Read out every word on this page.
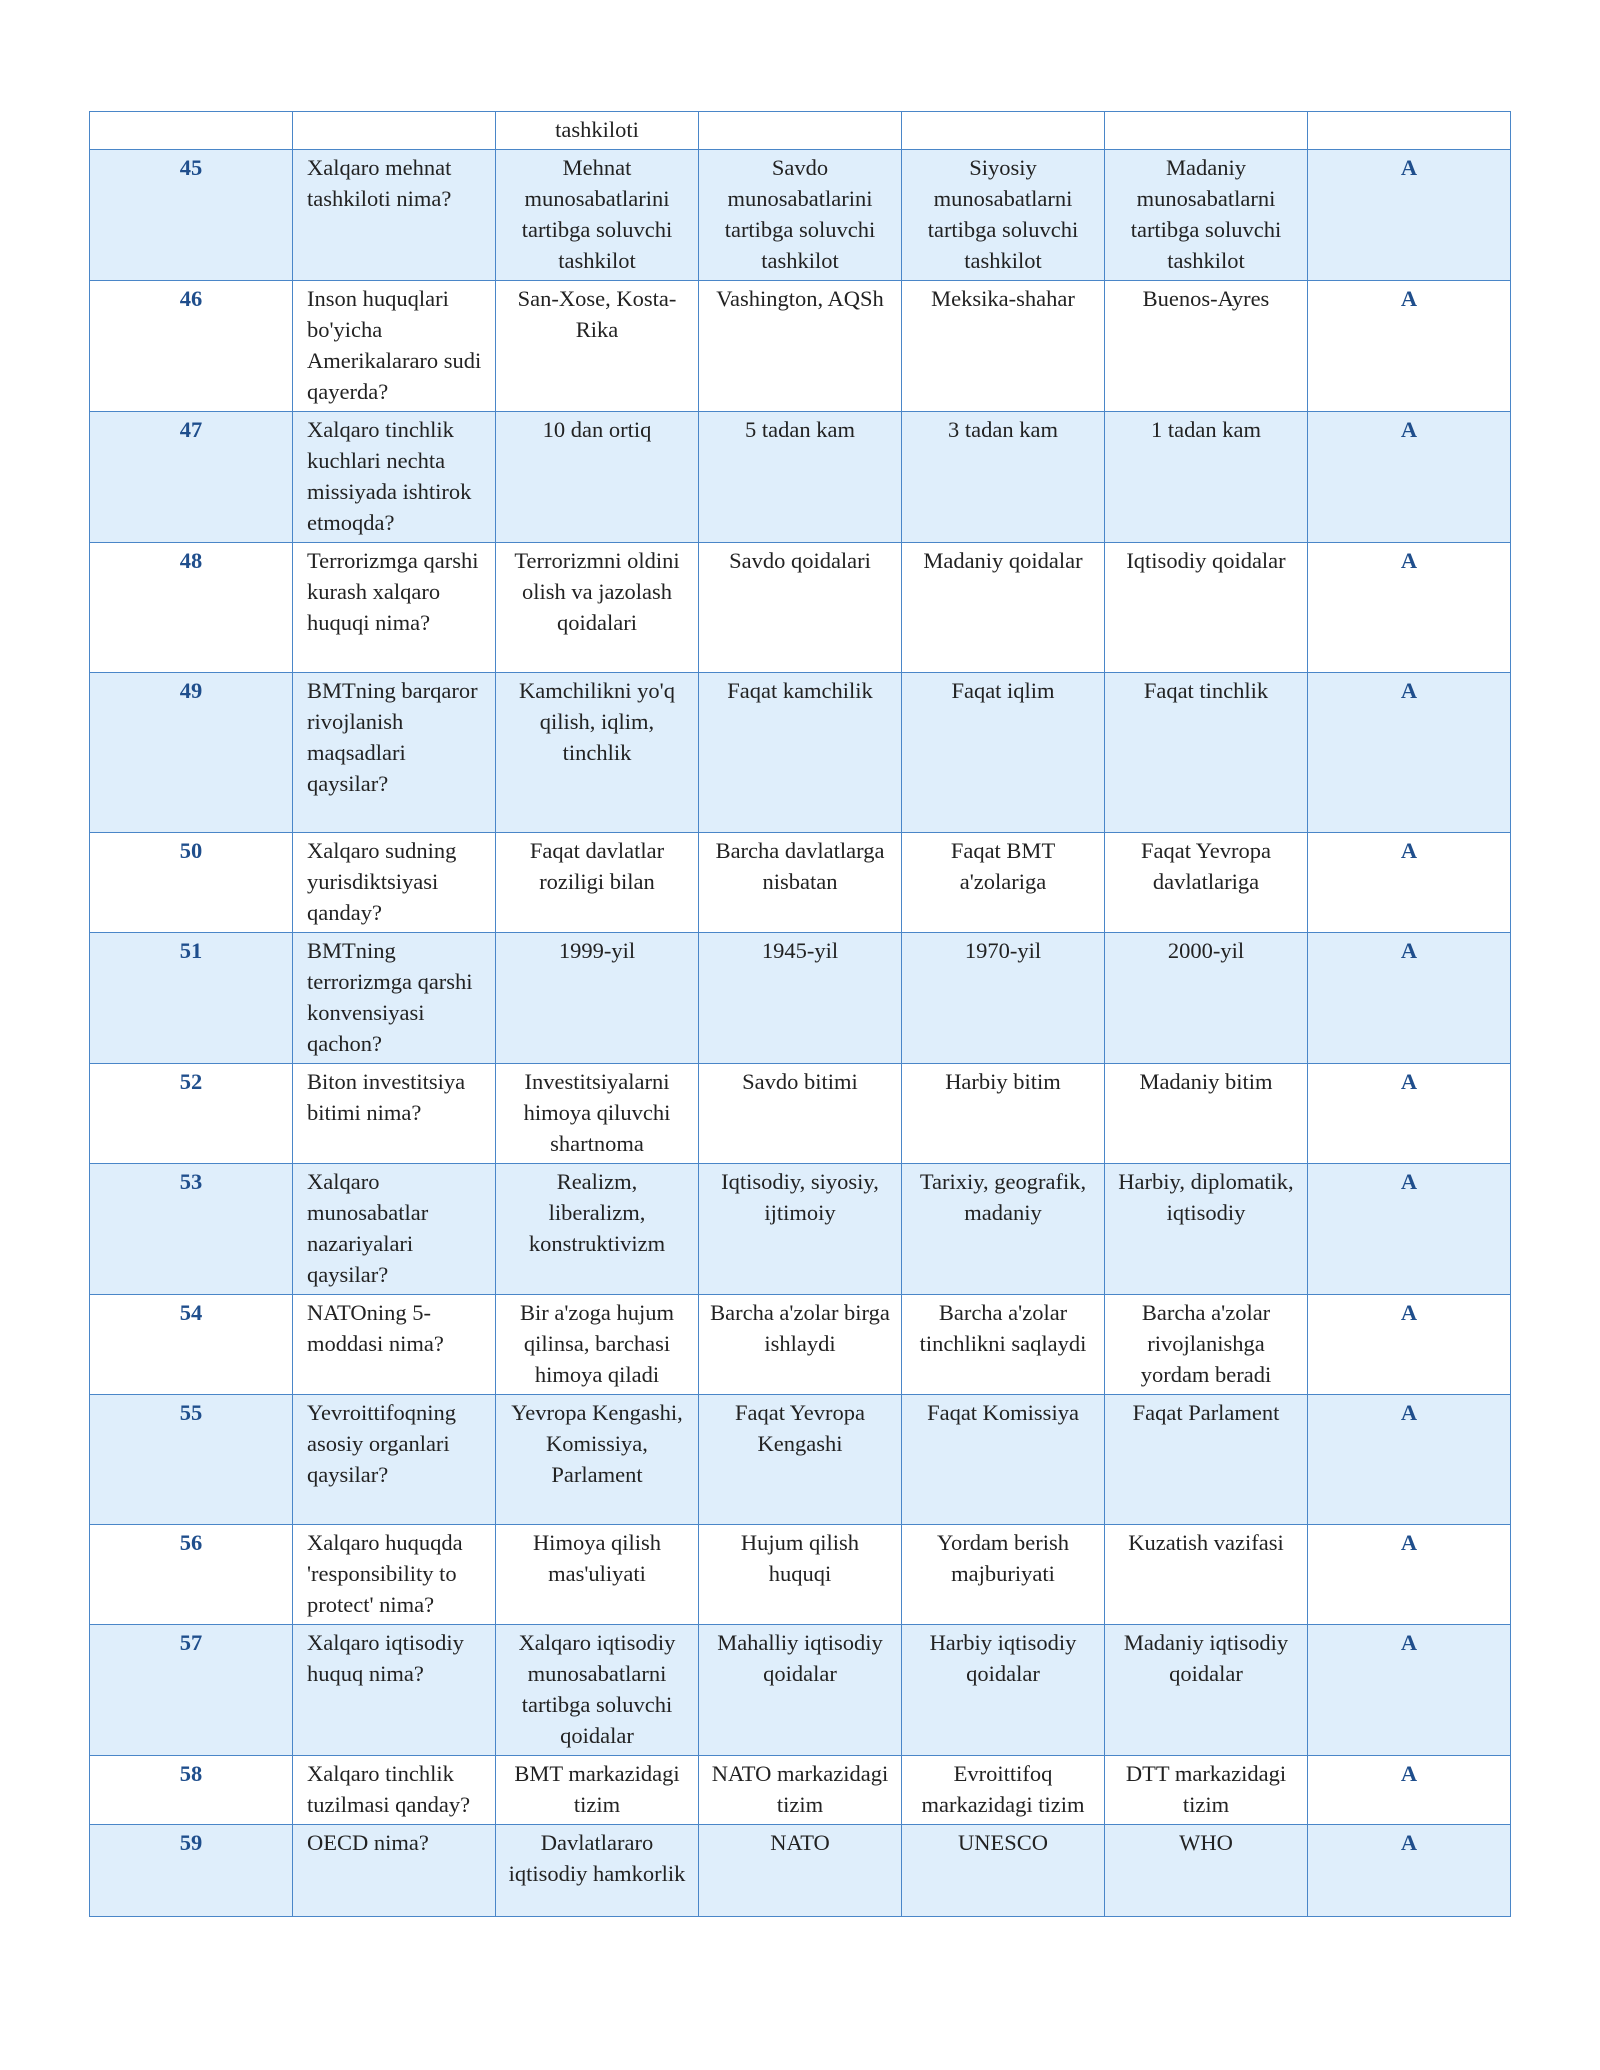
		tashkiloti				
45	Xalqaro mehnat tashkiloti nima?	Mehnat munosabatlarini tartibga soluvchi tashkilot	Savdo munosabatlarini tartibga soluvchi tashkilot	Siyosiy munosabatlarni tartibga soluvchi tashkilot	Madaniy munosabatlarni tartibga soluvchi tashkilot	A
46	Inson huquqlari bo'yicha Amerikalararo sudi qayerda?	San-Xose, Kosta-Rika	Vashington, AQSh	Meksika-shahar	Buenos-Ayres	A
47	Xalqaro tinchlik kuchlari nechta missiyada ishtirok etmoqda?	10 dan ortiq	5 tadan kam	3 tadan kam	1 tadan kam	A
48	Terrorizmga qarshi kurash xalqaro huquqi nima?	Terrorizmni oldini olish va jazolash qoidalari	Savdo qoidalari	Madaniy qoidalar	Iqtisodiy qoidalar	A
49	BMTning barqaror rivojlanish maqsadlari qaysilar?	Kamchilikni yo'q qilish, iqlim, tinchlik	Faqat kamchilik	Faqat iqlim	Faqat tinchlik	A
50	Xalqaro sudning yurisdiktsiyasi qanday?	Faqat davlatlar roziligi bilan	Barcha davlatlarga nisbatan	Faqat BMT a'zolariga	Faqat Yevropa davlatlariga	A
51	BMTning terrorizmga qarshi konvensiyasi qachon?	1999-yil	1945-yil	1970-yil	2000-yil	A
52	Biton investitsiya bitimi nima?	Investitsiyalarni himoya qiluvchi shartnoma	Savdo bitimi	Harbiy bitim	Madaniy bitim	A
53	Xalqaro munosabatlar nazariyalari qaysilar?	Realizm, liberalizm, konstruktivizm	Iqtisodiy, siyosiy, ijtimoiy	Tarixiy, geografik, madaniy	Harbiy, diplomatik, iqtisodiy	A
54	NATOning 5-moddasi nima?	Bir a'zoga hujum qilinsa, barchasi himoya qiladi	Barcha a'zolar birga ishlaydi	Barcha a'zolar tinchlikni saqlaydi	Barcha a'zolar rivojlanishga yordam beradi	A
55	Yevroittifoqning asosiy organlari qaysilar?	Yevropa Kengashi, Komissiya, Parlament	Faqat Yevropa Kengashi	Faqat Komissiya	Faqat Parlament	A
56	Xalqaro huquqda 'responsibility to protect' nima?	Himoya qilish mas'uliyati	Hujum qilish huquqi	Yordam berish majburiyati	Kuzatish vazifasi	A
57	Xalqaro iqtisodiy huquq nima?	Xalqaro iqtisodiy munosabatlarni tartibga soluvchi qoidalar	Mahalliy iqtisodiy qoidalar	Harbiy iqtisodiy qoidalar	Madaniy iqtisodiy qoidalar	A
58	Xalqaro tinchlik tuzilmasi qanday?	BMT markazidagi tizim	NATO markazidagi tizim	Evroittifoq markazidagi tizim	DTT markazidagi tizim	A
59	OECD nima?	Davlatlararo iqtisodiy hamkorlik	NATO	UNESCO	WHO	A
